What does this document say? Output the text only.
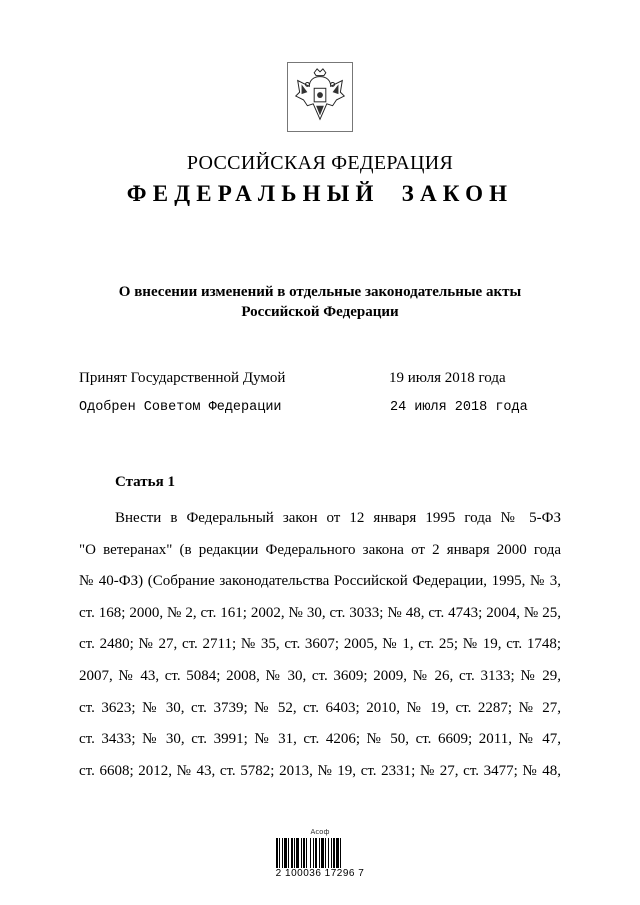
РОССИЙСКАЯ ФЕДЕРАЦИЯ
ФЕДЕРАЛЬНЫЙ ЗАКОН
О внесении изменений в отдельные законодательные акты
Российской Федерации
Принят Государственной Думой	19 июля 2018 года
Одобрен Советом Федерации	24 июля 2018 года
Статья 1
Внести в Федеральный закон от 12 января 1995 года № 5-ФЗ
"О ветеранах" (в редакции Федерального закона от 2 января 2000 года
№ 40-ФЗ) (Собрание законодательства Российской Федерации, 1995, № 3,
ст. 168; 2000, № 2, ст. 161; 2002, № 30, ст. 3033; № 48, ст. 4743; 2004, № 25,
ст. 2480; № 27, ст. 2711; № 35, ст. 3607; 2005, № 1, ст. 25; № 19, ст. 1748;
2007, № 43, ст. 5084; 2008, № 30, ст. 3609; 2009, № 26, ст. 3133; № 29,
ст. 3623; № 30, ст. 3739; № 52, ст. 6403; 2010, № 19, ст. 2287; № 27,
ст. 3433; № 30, ст. 3991; № 31, ст. 4206; № 50, ст. 6609; 2011, № 47,
ст. 6608; 2012, № 43, ст. 5782; 2013, № 19, ст. 2331; № 27, ст. 3477; № 48,
Асоф
2 100036 17296 7
